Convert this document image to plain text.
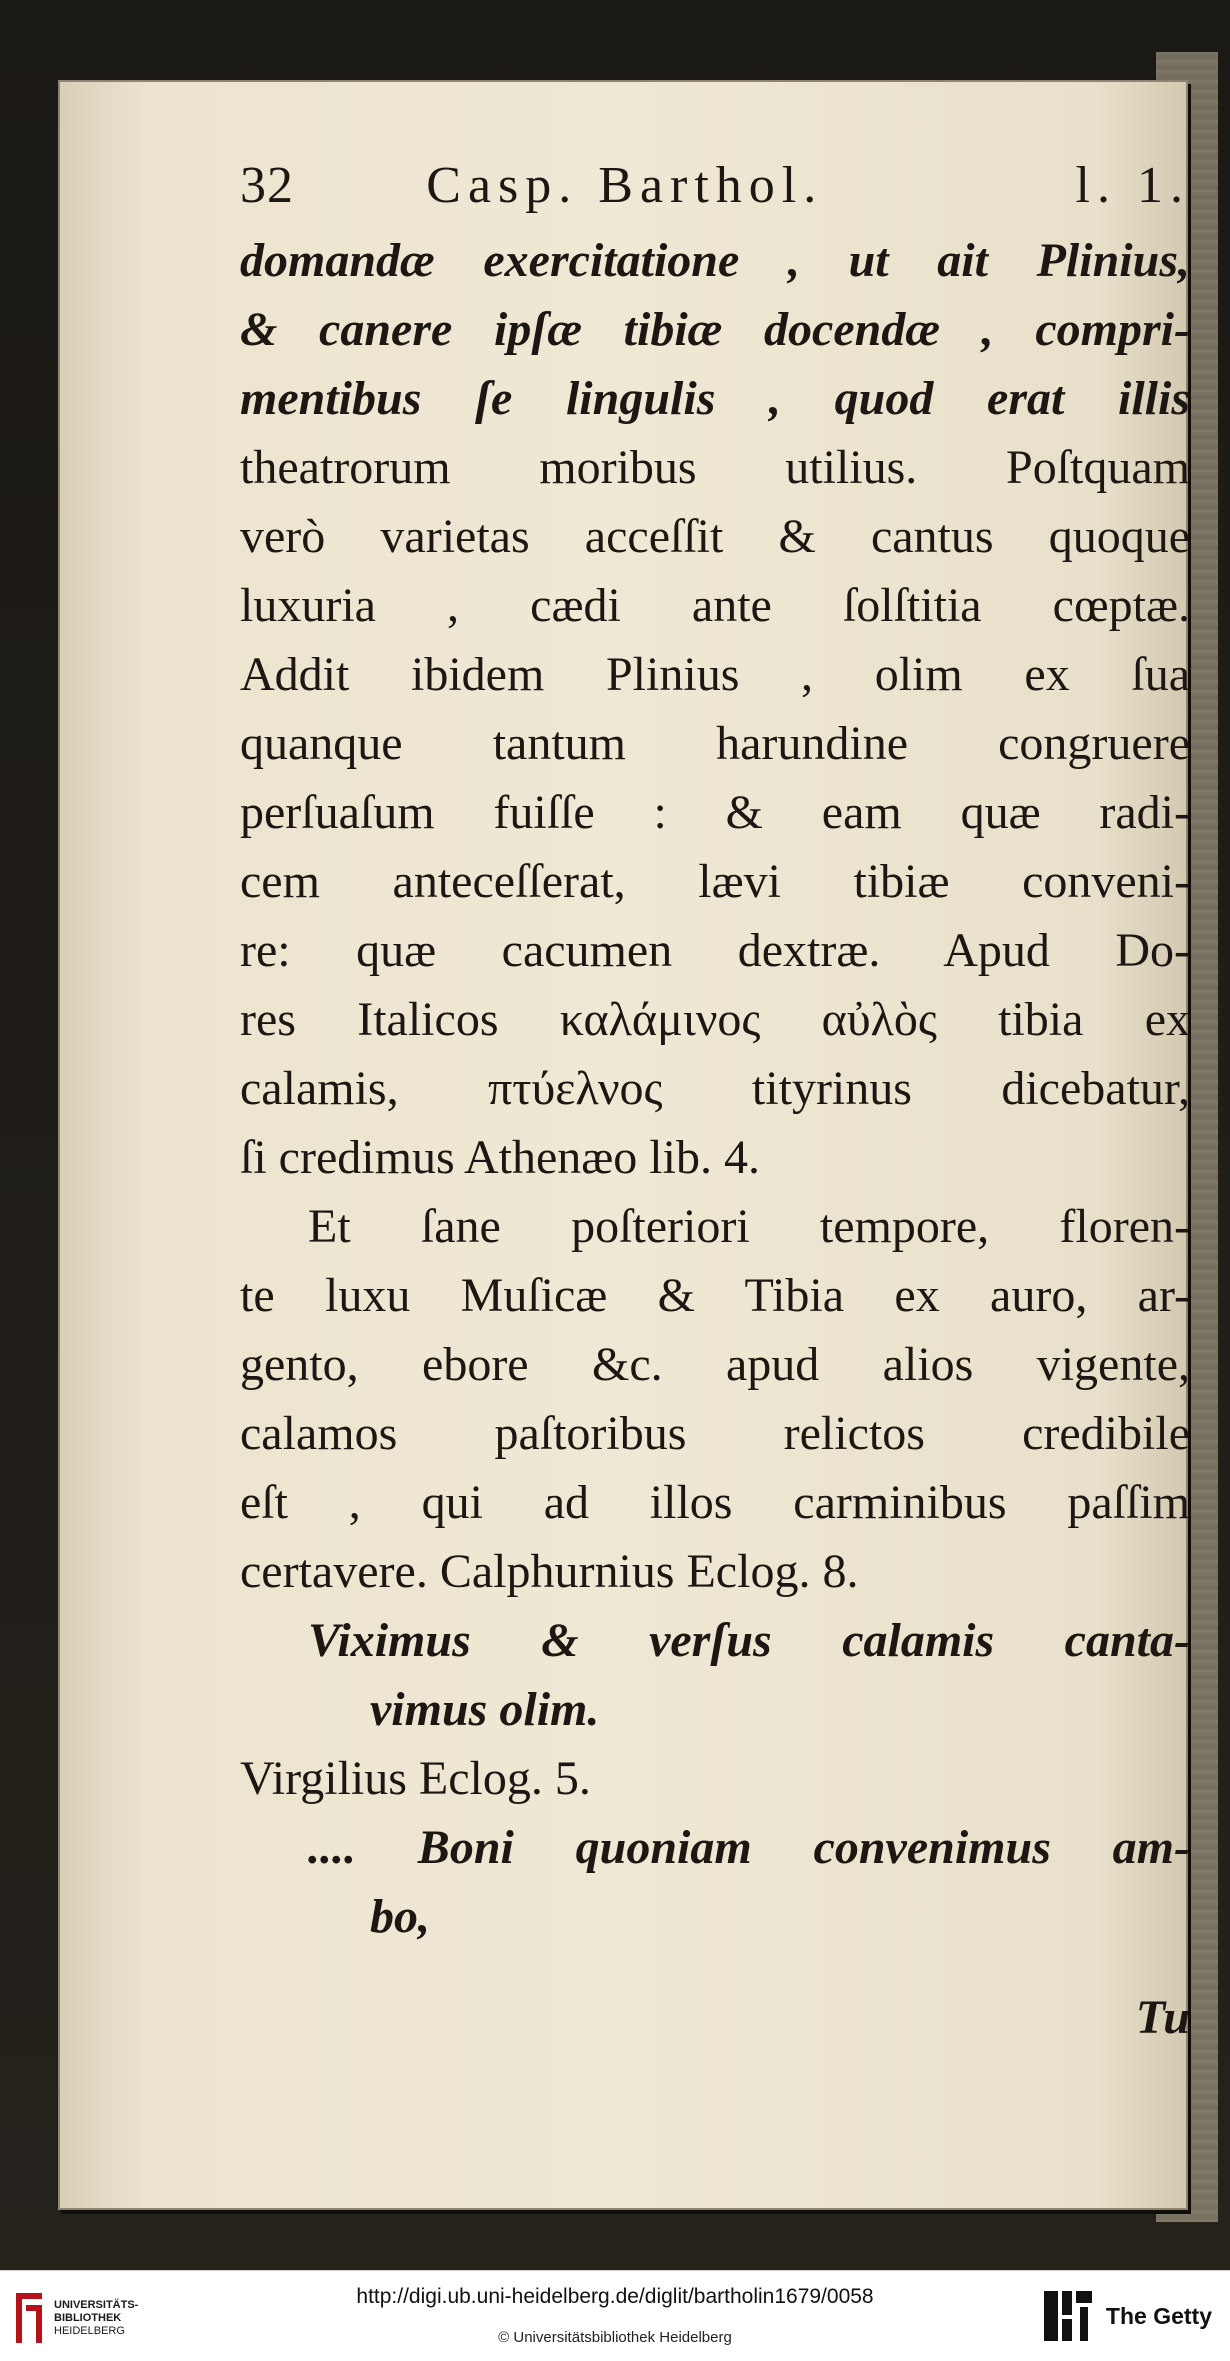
32	Casp. Barthol.	l. 1.
domandæ exercitatione , ut ait Plinius,
& canere ipſæ tibiæ docendæ , compri-
mentibus ſe lingulis , quod erat illis
theatrorum moribus utilius. Poſtquam
verò varietas acceſſit & cantus quoque
luxuria , cædi ante ſolſtitia cœptæ.
Addit ibidem Plinius , olim ex ſua
quanque tantum harundine congruere
perſuaſum fuiſſe : & eam quæ radi-
cem anteceſſerat, lævi tibiæ conveni-
re: quæ cacumen dextræ. Apud Do-
res Italicos καλάμινος αὐλὸς tibia ex
calamis, πτύελνος tityrinus dicebatur,
ſi credimus Athenæo lib. 4.
Et ſane poſteriori tempore, floren-
te luxu Muſicæ & Tibia ex auro, ar-
gento, ebore &c. apud alios vigente,
calamos paſtoribus relictos credibile
eſt , qui ad illos carminibus paſſim
certavere. Calphurnius Eclog. 8.
Viximus & verſus calamis canta-
vimus olim.
Virgilius Eclog. 5.
.... Boni quoniam convenimus am-
bo,
Tu
UNIVERSITÄTS-
BIBLIOTHEK
HEIDELBERG
http://digi.ub.uni-heidelberg.de/diglit/bartholin1679/0058
© Universitätsbibliothek Heidelberg
The Getty
